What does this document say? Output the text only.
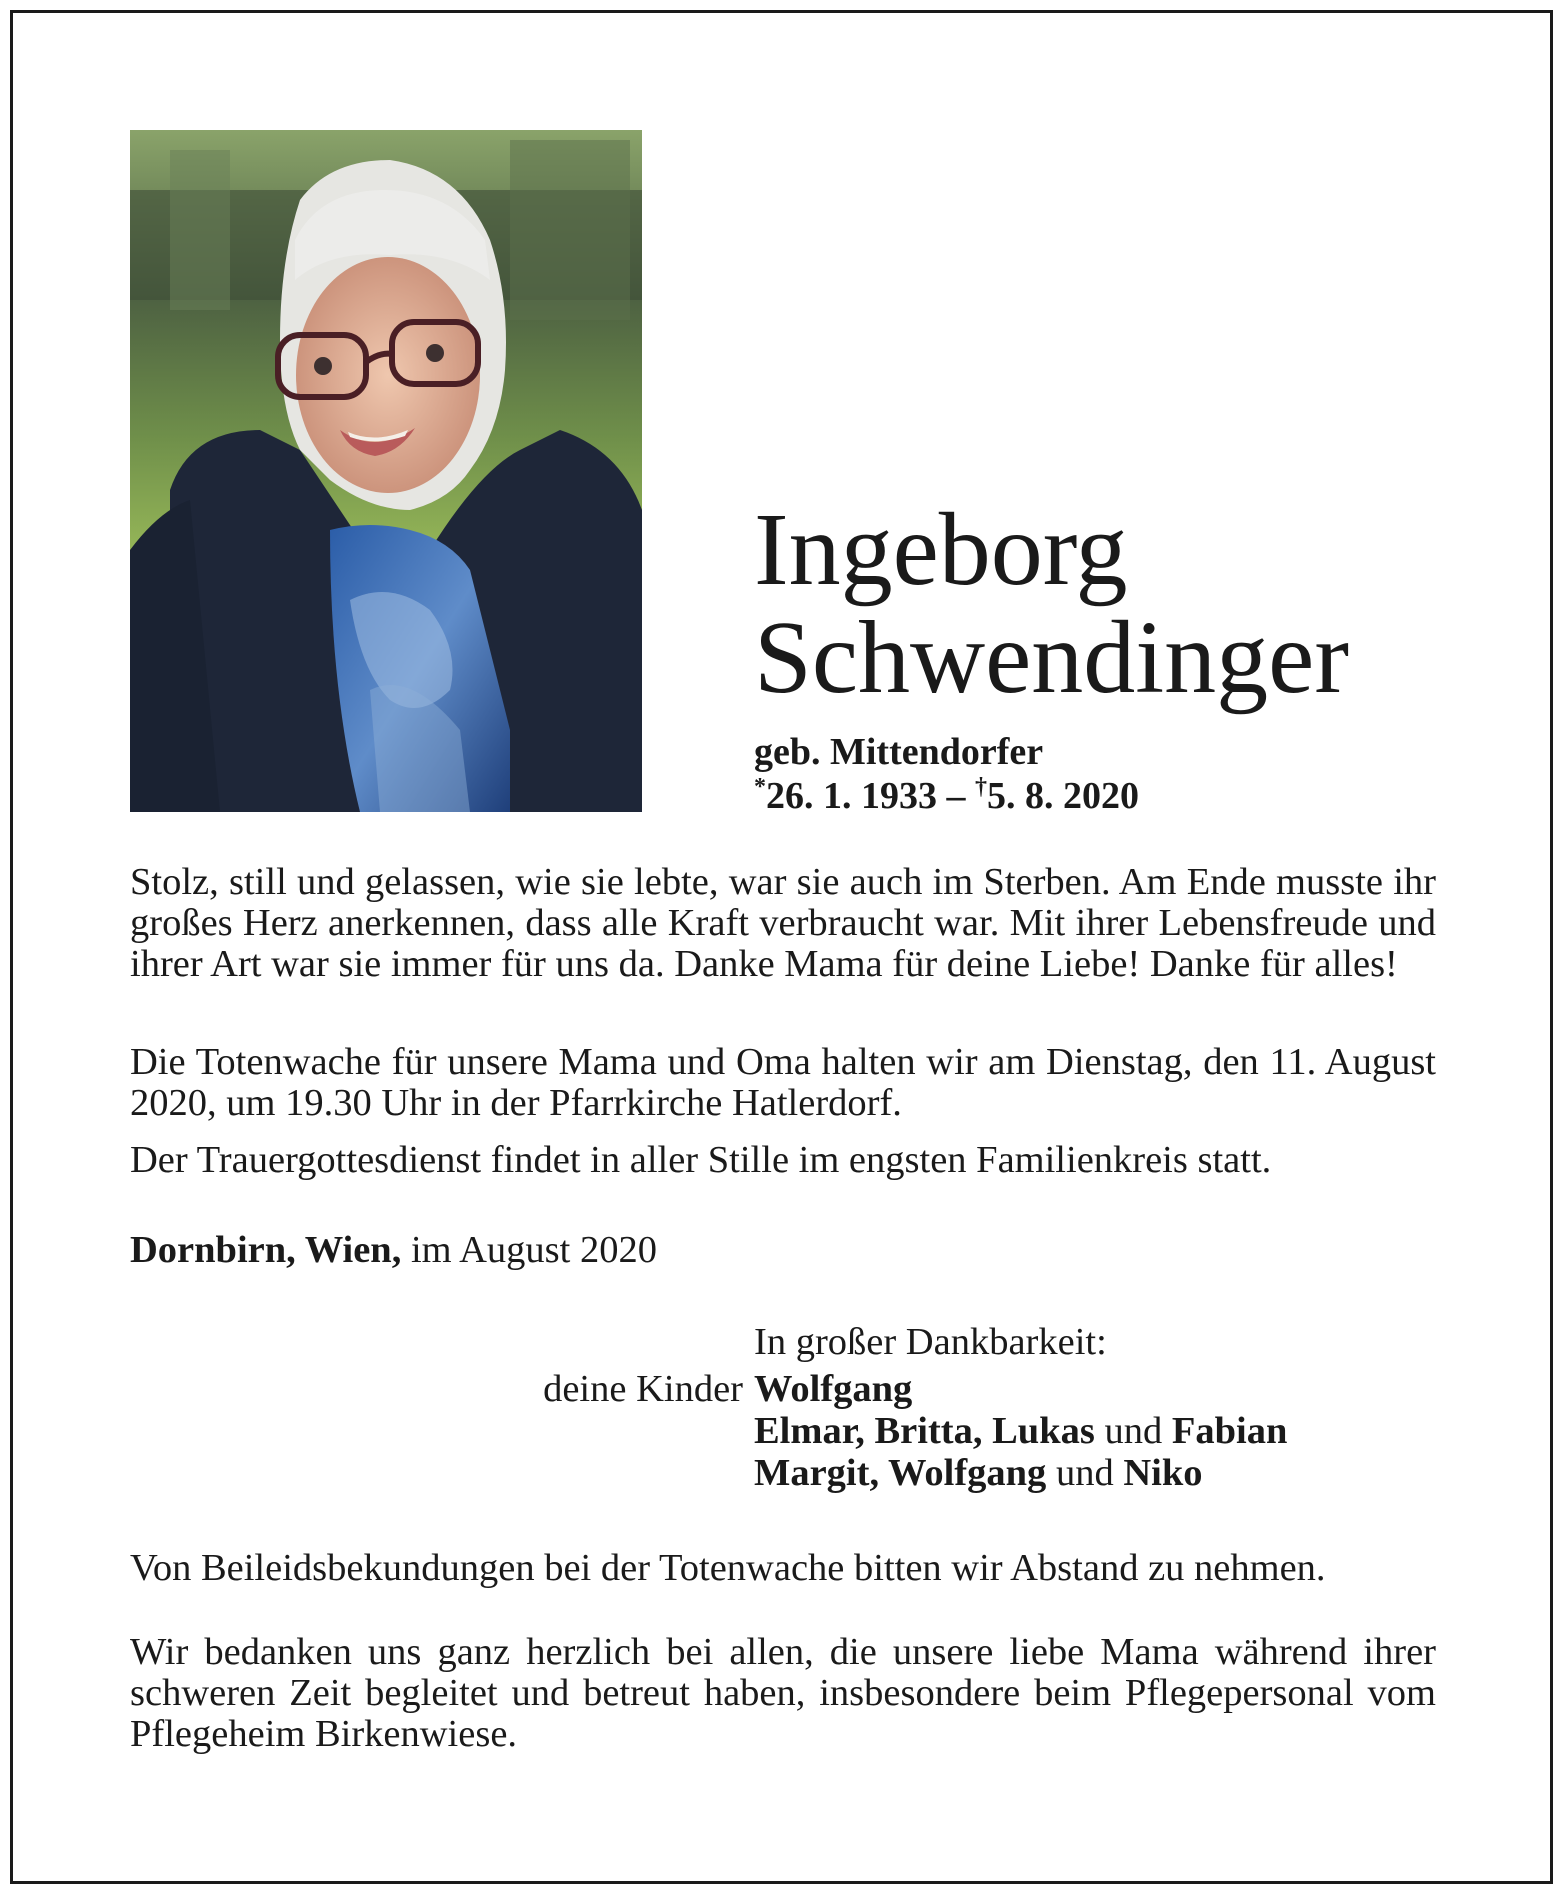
Ingeborg
Schwendinger
geb. Mittendorfer
*26. 1. 1933 – †5. 8. 2020

Stolz, still und gelassen, wie sie lebte, war sie auch im Sterben. Am Ende musste ihr großes Herz anerkennen, dass alle Kraft verbraucht war. Mit ihrer Lebensfreude und ihrer Art war sie immer für uns da. Danke Mama für deine Liebe! Danke für alles!

Die Totenwache für unsere Mama und Oma halten wir am Dienstag, den 11. August 2020, um 19.30 Uhr in der Pfarrkirche Hatlerdorf.

Der Trauergottesdienst findet in aller Stille im engsten Familienkreis statt.

Dornbirn, Wien, im August 2020
In großer Dankbarkeit:
deine Kinder Wolfgang
Elmar, Britta, Lukas und Fabian
Margit, Wolfgang und Niko
Von Beileidsbekundungen bei der Totenwache bitten wir Abstand zu nehmen.

Wir bedanken uns ganz herzlich bei allen, die unsere liebe Mama während ihrer schweren Zeit begleitet und betreut haben, insbesondere beim Pflegepersonal vom Pflegeheim Birkenwiese.
